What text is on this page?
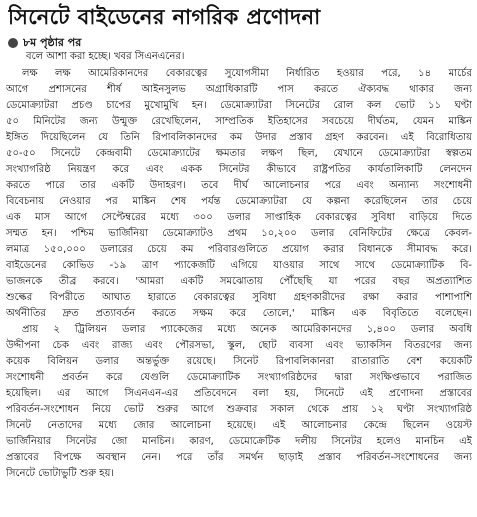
সিনেটে বাইডেনের নাগরিক প্রণোদনা
৮ম পৃষ্ঠার পর
বলে আশা করা হচ্ছে। খবর সিএনএনের।
লক্ষ লক্ষ আমেরিকানদের বেকারত্বের সুযোগসীমা নির্ধারিত হওয়ার পরে, ১৪ মার্চের
আগে প্রশাসনের শীর্ষ আইনসুলভ অগ্রাধিকারটি পাস করতে ঐক্যবদ্ধ থাকার জন্য
ডেমোক্র্যাটরা প্রচণ্ড চাপের মুখোমুখি হন। ডেমোক্র্যাটরা সিনেটের রোল কল ভোট ১১ ঘণ্টা
৫০ মিনিটের জন্য উন্মুক্ত রেখেছিলেন, সাম্প্রতিক ইতিহাসের সবচেয়ে দীর্ঘতম, যেমন মাঙ্কিন
ইঙ্গিত দিয়েছিলেন যে তিনি রিপাবলিকানদের কম উদার প্রস্তাব গ্রহণ করবেন। এই বিরোধিতায়
৫০-৫০ সিনেটে কেন্দ্রবামী ডেমোক্র্যাটের ক্ষমতার লক্ষণ ছিল, যেখানে ডেমোক্র্যাটরা স্বল্পতম
সংখ্যাগরিষ্ঠ নিয়ন্ত্রণ করে এবং একক সিনেটর কীভাবে রাষ্ট্রপতির কার্যতালিকাটি লেনদেন
করতে পারে তার একটি উদাহরণ। তবে দীর্ঘ আলোচনার পরে এবং অন্যান্য সংশোধনী
বিবেচনায় নেওয়ার পর মাঙ্কিন শেষ পর্যন্ত ডেমোক্র্যাটরা যে কল্পনা করেছিলেন তার চেয়ে
এক মাস আগে সেপ্টেম্বরের মধ্যে ৩০০ ডলার সাপ্তাহিক বেকারত্বের সুবিধা বাড়িয়ে দিতে
সম্মত হন। পশ্চিম ভার্জিনিয়া ডেমোক্র্যাটও প্রথম ১০,২০০ ডলার বেনিফিটের ক্ষেত্রে কেবল-
লমাত্র ১৫০,০০০ ডলারের চেয়ে কম পরিবারগুলিতে প্রয়োগ করার বিধানকে সীমাবদ্ধ করে।
বাইডেনের কোভিড -১৯ ত্রাণ প্যাকেজটি এগিয়ে যাওয়ার সাথে সাথে ডেমোক্র্যাটিক বি-
ভাজনকে তীব্র করবে। 'আমরা একটি সমঝোতায় পৌঁছেছি যা পরের বছর অপ্রত্যাশিত
শুল্কের বিপরীতে আঘাত হারাতে বেকারত্বের সুবিধা গ্রহণকারীদের রক্ষা করার পাশাপাশি
অর্থনীতির দ্রুত প্রত্যাবর্তন করতে সক্ষম করে তোলে,' মাঙ্কিন এক বিবৃতিতে বলেছেন।
প্রায় ২ ট্রিলিয়ন ডলার প্যাকেজের মধ্যে অনেক আমেরিকানদের ১,৪০০ ডলার অবধি
উদ্দীপনা চেক এবং রাজ্য এবং পৌরসভা, স্কুল, ছোট ব্যবসা এবং ভ্যাকসিন বিতরণের জন্য
কয়েক বিলিয়ন ডলার অন্তর্ভুক্ত রয়েছে। সিনেট রিপাবলিকানরা রাতারাতি বেশ কয়েকটি
সংশোধনী প্রবর্তন করে যেগুলি ডেমোক্র্যাটিক সংখ্যাগরিষ্ঠদের দ্বারা সংক্ষিপ্তভাবে পরাজিত
হয়েছিল। এর আগে সিএনএন-এর প্রতিবেদনে বলা হয়, সিনেটে এই প্রণোদনা প্রস্তাবের
পরিবর্তন-সংশোধন নিয়ে ভোট শুরুর আগে শুক্রবার সকাল থেকে প্রায় ১২ ঘণ্টা সংখ্যাগরিষ্ঠ
সিনেট নেতাদের মধ্যে জোর আলোচনা হয়েছে। এই আলোচনার কেন্দ্রে ছিলেন ওয়েস্ট
ভার্জিনিয়ার সিনেটর জো মানচিন। কারণ, ডেমোক্রেটিক দলীয় সিনেটর হলেও মানচিন এই
প্রস্তাবের বিপক্ষে অবস্থান নেন। পরে তাঁর সমর্থন ছাড়াই প্রস্তাব পরিবর্তন-সংশোধনের জন্য
সিনেটে ভোটাভুটি শুরু হয়।
